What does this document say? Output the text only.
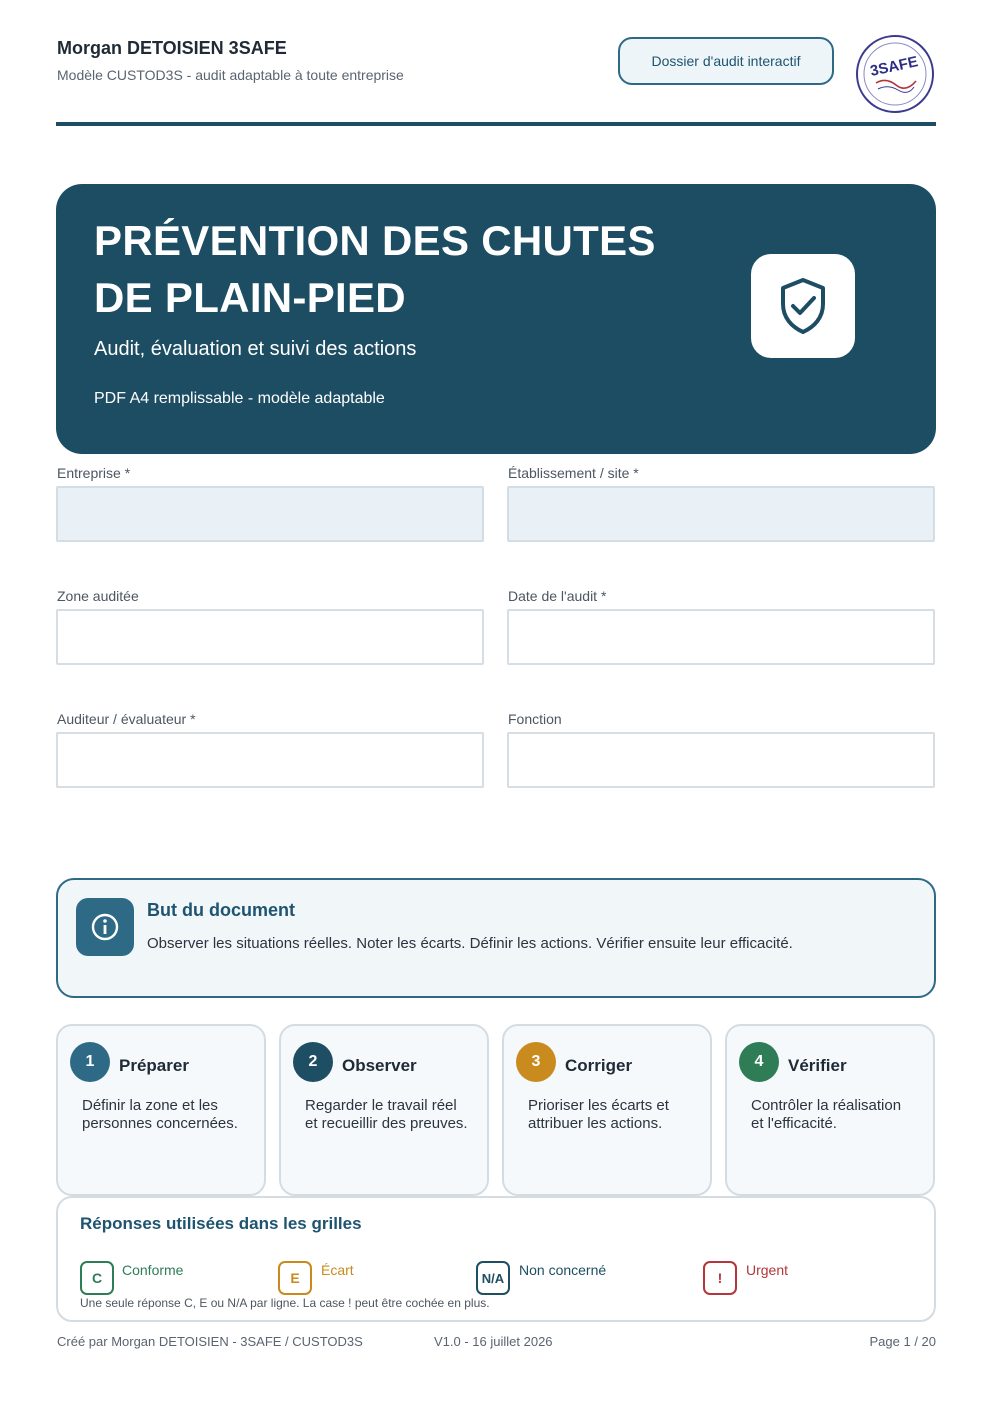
Morgan DETOISIEN 3SAFE
Modèle CUSTOD3S - audit adaptable à toute entreprise
Dossier d'audit interactif	3SAFE
PRÉVENTION DES CHUTES
DE PLAIN-PIED
Audit, évaluation et suivi des actions
PDF A4 remplissable - modèle adaptable
Entreprise *	Établissement / site *
Zone auditée	Date de l'audit *
Auditeur / évaluateur *	Fonction
But du document
Observer les situations réelles. Noter les écarts. Définir les actions. Vérifier ensuite leur efficacité.
1	Préparer
Définir la zone et les
personnes concernées.
2	Observer
Regarder le travail réel
et recueillir des preuves.
3	Corriger
Prioriser les écarts et
attribuer les actions.
4	Vérifier
Contrôler la réalisation
et l'efficacité.
Réponses utilisées dans les grilles
C	Conforme	E	Écart	N/A	Non concerné	!	Urgent
Une seule réponse C, E ou N/A par ligne. La case ! peut être cochée en plus.
Créé par Morgan DETOISIEN - 3SAFE / CUSTOD3S	V1.0 - 16 juillet 2026	Page 1 / 20
